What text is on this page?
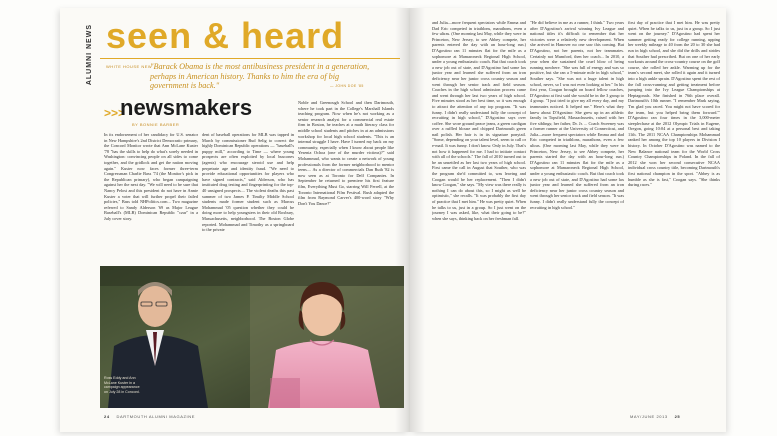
ALUMNI NEWS seen & heard
WHITE HOUSE NEW
"Barack Obama is the most antibusiness president in a generation, perhaps in American history. Thanks to him the era of big government is back."	— JOHN DOE '85
>>>
newsmakers
BY BONNIE BARBER
In its endorsement of her candidacy for U.S. senator in New Hampshire's 2nd District Democratic primary, the Concord Monitor wrote that Ann McLane Kuster '78 "has the skills to help do what's sorely needed in Washington: convincing people on all sides to come together, and the gridlock and get the nation moving again." Kuster now faces former three-term Congressman Charlie Bass '74 (the Monitor's pick in the Republican primary), who began campaigning against her the next day. "We will need to be sure that Nancy Pelosi and this president do not have in Annie Kuster a voter that will further propel their failed policies," Bass told NHPolitics.com... Two magazine referred to Sandy Alderson '69 as Major League Baseball's (MLB) Dominican Republic "czar" in a July cover story.
dent of baseball operations for MLB was tapped in March by commissioner Bud Selig to correct the highly Dominican Republic operations — "baseball's puppy mill," according to Time — where young prospects are often exploited by local buscones (agents) who encourage steroid use and help perpetrate age and identity fraud. "We need to provide educational opportunities for players who have signed contracts," said Alderson, who has instituted drug testing and fingerprinting for the top-40 unsigned prospects.... The violent deaths this past summer of two James P. Timilty Middle School students made former student such as Marcus Mohammad '05 question whether they could be doing more to help youngsters in their old Roxbury, Massachusetts, neighborhood. The Boston Globe reported. Mohammad and Timothy as a springboard to the private
Noble and Greenough School and then Dartmouth, where he took part in the College's Marshall Islands teaching program. Now when he's not working as a senior research analyst for a commercial real estate firm in Boston, he teaches at a math literacy class for middle school students and pitches in at an admissions workshop for local high school students. "This is an internal struggle I have. Have I turned my back on my community, especially when I know about people like Yesenia Ochoa (one of the murder victims)?" said Mohammad, who wants to create a network of young professionals from the former neighborhood to mentor teens.... As a director of commercials Dan Ruth '82 is now seen as at Toronto for Delf Companies. In September he returned to premiere his first feature film, Everything Must Go, starring Will Ferrell, at the Toronto International Film Festival. Rush adapted the film from Raymond Carver's 400-word story "Why Don't You Dance?"
Ross Eddy and Ann McLane Kuster in a campaign appearance on July 28 in Concord.
and Julia—more frequent spectators while Emma and Dad Eric competed in triathlons, marathons, even a few ultras. (One morning last May, while they were in Princeton, New Jersey, to see Abbey compete, her parents entered the day with an hour-long run.) D'Agostino ran 11 minutes flat for the mile as a sophomore at Mamaroneck Regional High School, under a young enthusiastic coach. But that coach took a new job out of state, and D'Agostino had some lax junior year and learned she suffered from an iron deficiency near her junior cross country season and went through her senior track and field season. Coaches in the high school admission process came and went through her last two years of high school. Five minutes stood as her best time, so it was enough to attract the attention of any top program. "It was funny. I didn't really understand fully the concept of recruiting in high school," D'Agostino says over coffee. She wore ground peace jeans, a green cardigan over a ruffled blouse and chipped Dartmouth green nail polish. Her hair is in its signature ponytail. "Some, depending on your talent level, seem to call or e-mail. It was funny. I don't know. Only in July. That's not how it happened for me. I had to initiate contact with all of the schools." The fall of 2010 turned out to be an unsettled as her last two years of high school. First came the call in August that Souther, who was the program she'd committed to, was leaving and Coogan would be her replacement. "Then I didn't know Coogan," she says. "My view was there really is nothing I can do about this, so I might as well be optimistic," she recalls. "It was probably the first day of practice that I met him." He was pretty quiet. When he talks to us, just in a group. So I just went on the journey I was asked, like, what their going to be?" when she says, thinking back on her freshman fall.
"He did believe in me as a runner, I think." Two years after D'Agostino's arrival winning Ivy League and national titles it's difficult to remember that her victories were a relatively new development. When she arrived in Hanover no one saw this coming. But D'Agostino, not her parents, not her teammates. Certainly not Mumford, then her coach... In 2010, a year when she sustained the cruel blow of being running nowhere. "She was full of energy and was so positive, but she ran a 5-minute mile in high school," Souther says. "She was not a huge talent in high school, never, so I was not even looking at her." In his first year, Coogan brought on board fellow coaches, D'Agostino at first said she would be in the 3 group to 4 group. "I just tried to give my all every day, and my teammates noticed. It helped me." Here's what they knew about D'Agostino: She grew up in an athletic family in Topsfield, Massachusetts, raised with her five siblings; her father, Dr. Jr. ... Coach Sweeney was a former runner at the University of Connecticut, and Julia—more frequent spectators while Emma and dad Eric competed in triathlons, marathons, even a few ultras. (One morning last May, while they were in Princeton, New Jersey, to see Abbey compete, her parents started the day with an hour-long run.) D'Agostino ran 11 minutes flat for the mile as a sophomore at Mamaroneck Regional High School, under a young enthusiastic coach. But that coach took a new job out of state, and D'Agostino had some lax junior year and learned she suffered from an iron deficiency near her junior cross country season and went through her senior track and field season. "It was funny. I didn't really understand fully the concept of recruiting in high school."
first day of practice that I met him. He was pretty quiet. When he talks to us, just in a group. So I just went on the journey." D'Agostino had spent her summer getting ready for college running, upping her weekly mileage to 40 from the 20 to 30 she had run in high school, and she did the drills and strides that Souther had prescribed. But on one of her early workouts around the cross-country course on the golf course, she rolled her ankle. Warming up for the team's second meet, she rolled it again and it turned into a high ankle sprain. D'Agostino spent the rest of the fall cross-running and getting treatment before jumping into the Ivy League Championships at Heptagonals. She finished in 76th place overall. Dartmouth's 10th runner. "I remember Mark saying, 'I'm glad you raced. You might not have scored for the team, but you helped bring them forward.'" D'Agostino ran four times in the 3,000-meter steeplechase at the 2012 Olympic Trials in Eugene, Oregon, going 10:04 at a personal best and taking 11th. The 2011 NCAA Championships Mohammad ranked her among the top 10 players in Division I history. In October D'Agostino was named to the New Balance national team for the World Cross Country Championships in Poland. In the fall of 2012 she won her second consecutive NCAA individual cross country title, becoming Dartmouth's first national champion in the sport. "Abbey is as humble as she is fast," Coogan says. "She thinks during races."
24 DARTMOUTH ALUMNI MAGAZINE	MAY/JUNE 2013 25
